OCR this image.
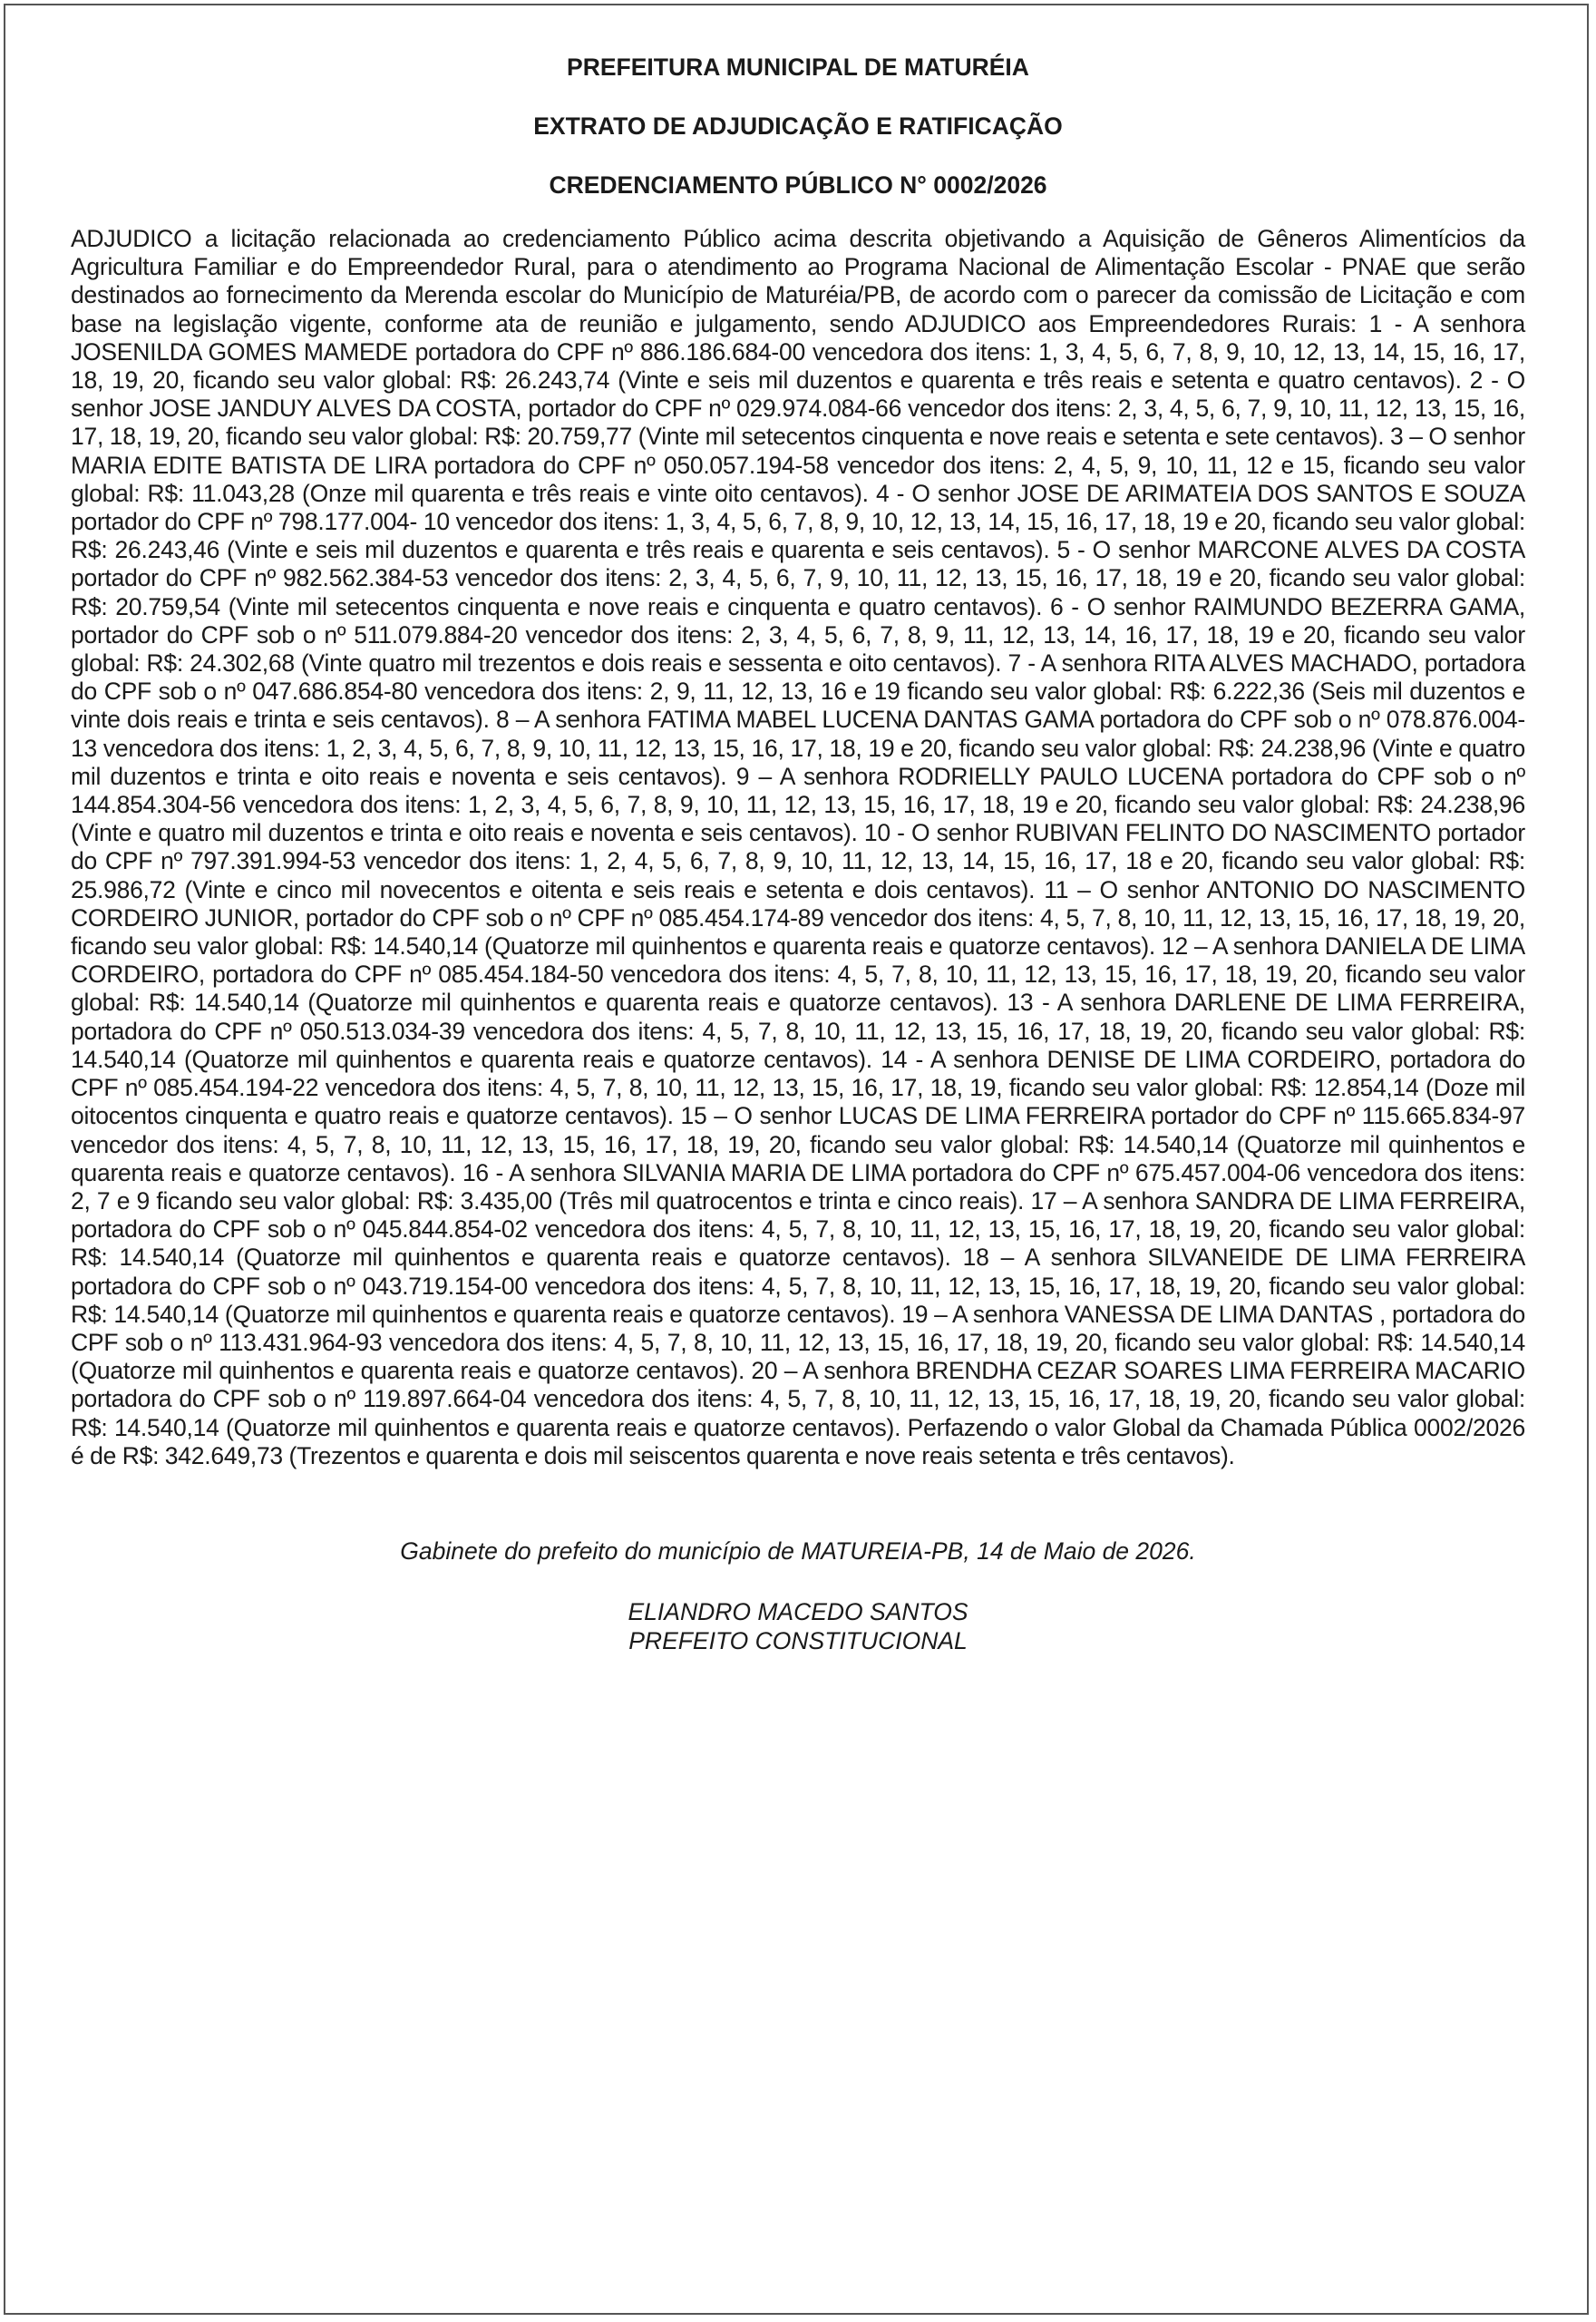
PREFEITURA MUNICIPAL DE MATURÉIA

EXTRATO DE ADJUDICAÇÃO E RATIFICAÇÃO

CREDENCIAMENTO PÚBLICO N° 0002/2026

ADJUDICO a licitação relacionada ao credenciamento Público acima descrita objetivando a Aquisição de Gêneros Alimentícios da Agricultura Familiar e do Empreendedor Rural, para o atendimento ao Programa Nacional de Alimentação Escolar - PNAE que serão destinados ao fornecimento da Merenda escolar do Município de Maturéia/PB, de acordo com o parecer da comissão de Licitação e com base na legislação vigente, conforme ata de reunião e julgamento, sendo ADJUDICO aos Empreendedores Rurais: 1 - A senhora JOSENILDA GOMES MAMEDE portadora do CPF nº 886.186.684-00 vencedora dos itens: 1, 3, 4, 5, 6, 7, 8, 9, 10, 12, 13, 14, 15, 16, 17, 18, 19, 20, ficando seu valor global: R$: 26.243,74 (Vinte e seis mil duzentos e quarenta e três reais e setenta e quatro centavos). 2 - O senhor JOSE JANDUY ALVES DA COSTA, portador do CPF nº 029.974.084-66 vencedor dos itens: 2, 3, 4, 5, 6, 7, 9, 10, 11, 12, 13, 15, 16, 17, 18, 19, 20, ficando seu valor global: R$: 20.759,77 (Vinte mil setecentos cinquenta e nove reais e setenta e sete centavos). 3 – O senhor MARIA EDITE BATISTA DE LIRA portadora do CPF nº 050.057.194-58 vencedor dos itens: 2, 4, 5, 9, 10, 11, 12 e 15, ficando seu valor global: R$: 11.043,28 (Onze mil quarenta e três reais e vinte oito centavos). 4 - O senhor JOSE DE ARIMATEIA DOS SANTOS E SOUZA portador do CPF nº 798.177.004- 10 vencedor dos itens: 1, 3, 4, 5, 6, 7, 8, 9, 10, 12, 13, 14, 15, 16, 17, 18, 19 e 20, ficando seu valor global: R$: 26.243,46 (Vinte e seis mil duzentos e quarenta e três reais e quarenta e seis centavos). 5 - O senhor MARCONE ALVES DA COSTA portador do CPF nº 982.562.384-53 vencedor dos itens: 2, 3, 4, 5, 6, 7, 9, 10, 11, 12, 13, 15, 16, 17, 18, 19 e 20, ficando seu valor global: R$: 20.759,54 (Vinte mil setecentos cinquenta e nove reais e cinquenta e quatro centavos). 6 - O senhor RAIMUNDO BEZERRA GAMA, portador do CPF sob o nº 511.079.884-20 vencedor dos itens: 2, 3, 4, 5, 6, 7, 8, 9, 11, 12, 13, 14, 16, 17, 18, 19 e 20, ficando seu valor global: R$: 24.302,68 (Vinte quatro mil trezentos e dois reais e sessenta e oito centavos). 7 - A senhora RITA ALVES MACHADO, portadora do CPF sob o nº 047.686.854-80 vencedora dos itens: 2, 9, 11, 12, 13, 16 e 19 ficando seu valor global: R$: 6.222,36 (Seis mil duzentos e vinte dois reais e trinta e seis centavos). 8 – A senhora FATIMA MABEL LUCENA DANTAS GAMA portadora do CPF sob o nº 078.876.004-13 vencedora dos itens: 1, 2, 3, 4, 5, 6, 7, 8, 9, 10, 11, 12, 13, 15, 16, 17, 18, 19 e 20, ficando seu valor global: R$: 24.238,96 (Vinte e quatro mil duzentos e trinta e oito reais e noventa e seis centavos). 9 – A senhora RODRIELLY PAULO LUCENA portadora do CPF sob o nº 144.854.304-56 vencedora dos itens: 1, 2, 3, 4, 5, 6, 7, 8, 9, 10, 11, 12, 13, 15, 16, 17, 18, 19 e 20, ficando seu valor global: R$: 24.238,96 (Vinte e quatro mil duzentos e trinta e oito reais e noventa e seis centavos). 10 - O senhor RUBIVAN FELINTO DO NASCIMENTO portador do CPF nº 797.391.994-53 vencedor dos itens: 1, 2, 4, 5, 6, 7, 8, 9, 10, 11, 12, 13, 14, 15, 16, 17, 18 e 20, ficando seu valor global: R$: 25.986,72 (Vinte e cinco mil novecentos e oitenta e seis reais e setenta e dois centavos). 11 – O senhor ANTONIO DO NASCIMENTO CORDEIRO JUNIOR, portador do CPF sob o nº CPF nº 085.454.174-89 vencedor dos itens: 4, 5, 7, 8, 10, 11, 12, 13, 15, 16, 17, 18, 19, 20, ficando seu valor global: R$: 14.540,14 (Quatorze mil quinhentos e quarenta reais e quatorze centavos). 12 – A senhora DANIELA DE LIMA CORDEIRO, portadora do CPF nº 085.454.184-50 vencedora dos itens: 4, 5, 7, 8, 10, 11, 12, 13, 15, 16, 17, 18, 19, 20, ficando seu valor global: R$: 14.540,14 (Quatorze mil quinhentos e quarenta reais e quatorze centavos). 13 - A senhora DARLENE DE LIMA FERREIRA, portadora do CPF nº 050.513.034-39 vencedora dos itens: 4, 5, 7, 8, 10, 11, 12, 13, 15, 16, 17, 18, 19, 20, ficando seu valor global: R$: 14.540,14 (Quatorze mil quinhentos e quarenta reais e quatorze centavos). 14 - A senhora DENISE DE LIMA CORDEIRO, portadora do CPF nº 085.454.194-22 vencedora dos itens: 4, 5, 7, 8, 10, 11, 12, 13, 15, 16, 17, 18, 19, ficando seu valor global: R$: 12.854,14 (Doze mil oitocentos cinquenta e quatro reais e quatorze centavos). 15 – O senhor LUCAS DE LIMA FERREIRA portador do CPF nº 115.665.834-97 vencedor dos itens: 4, 5, 7, 8, 10, 11, 12, 13, 15, 16, 17, 18, 19, 20, ficando seu valor global: R$: 14.540,14 (Quatorze mil quinhentos e quarenta reais e quatorze centavos). 16 - A senhora SILVANIA MARIA DE LIMA portadora do CPF nº 675.457.004-06 vencedora dos itens: 2, 7 e 9 ficando seu valor global: R$: 3.435,00 (Três mil quatrocentos e trinta e cinco reais). 17 – A senhora SANDRA DE LIMA FERREIRA, portadora do CPF sob o nº 045.844.854-02 vencedora dos itens: 4, 5, 7, 8, 10, 11, 12, 13, 15, 16, 17, 18, 19, 20, ficando seu valor global: R$: 14.540,14 (Quatorze mil quinhentos e quarenta reais e quatorze centavos). 18 – A senhora SILVANEIDE DE LIMA FERREIRA portadora do CPF sob o nº 043.719.154-00 vencedora dos itens: 4, 5, 7, 8, 10, 11, 12, 13, 15, 16, 17, 18, 19, 20, ficando seu valor global: R$: 14.540,14 (Quatorze mil quinhentos e quarenta reais e quatorze centavos). 19 – A senhora VANESSA DE LIMA DANTAS , portadora do CPF sob o nº 113.431.964-93 vencedora dos itens: 4, 5, 7, 8, 10, 11, 12, 13, 15, 16, 17, 18, 19, 20, ficando seu valor global: R$: 14.540,14 (Quatorze mil quinhentos e quarenta reais e quatorze centavos). 20 – A senhora BRENDHA CEZAR SOARES LIMA FERREIRA MACARIO portadora do CPF sob o nº 119.897.664-04 vencedora dos itens: 4, 5, 7, 8, 10, 11, 12, 13, 15, 16, 17, 18, 19, 20, ficando seu valor global: R$: 14.540,14 (Quatorze mil quinhentos e quarenta reais e quatorze centavos). Perfazendo o valor Global da Chamada Pública 0002/2026 é de R$: 342.649,73 (Trezentos e quarenta e dois mil seiscentos quarenta e nove reais setenta e três centavos).

Gabinete do prefeito do município de MATUREIA-PB, 14 de Maio de 2026.

ELIANDRO MACEDO SANTOS

PREFEITO CONSTITUCIONAL
